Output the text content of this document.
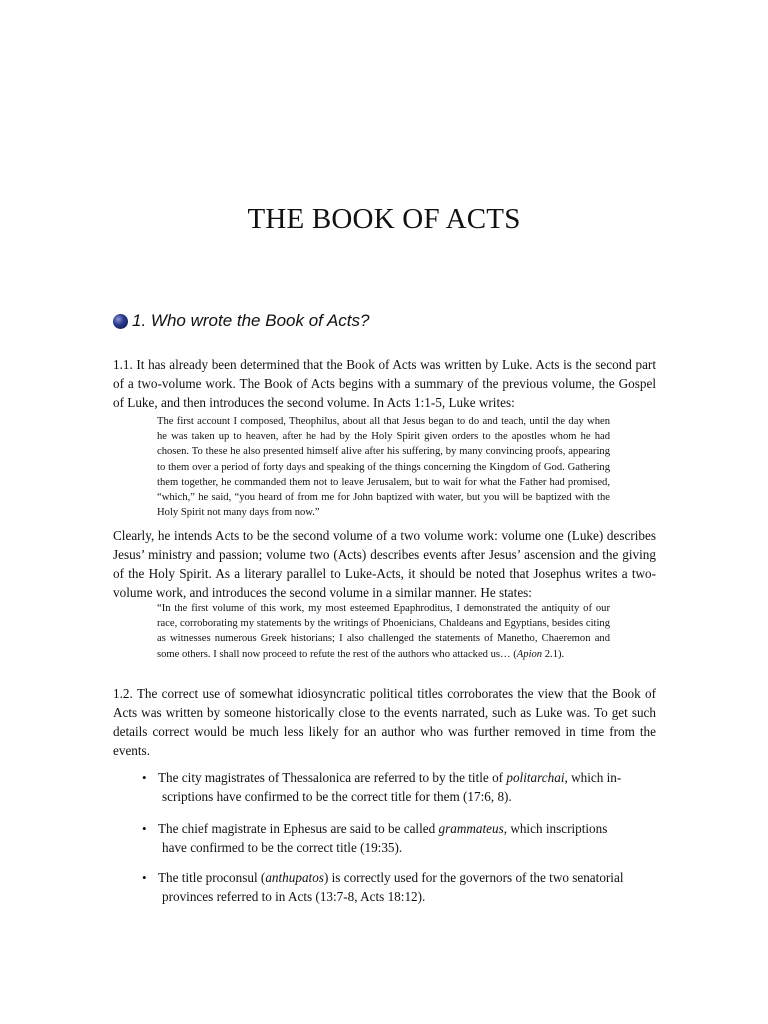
THE BOOK OF ACTS
1. Who wrote the Book of Acts?
1.1. It has already been determined that the Book of Acts was written by Luke. Acts is the second part of a two-volume work. The Book of Acts begins with a summary of the previous volume, the Gospel of Luke, and then introduces the second volume. In Acts 1:1-5, Luke writes:
The first account I composed, Theophilus, about all that Jesus began to do and teach, until the day when he was taken up to heaven, after he had by the Holy Spirit given orders to the apostles whom he had chosen. To these he also presented himself alive after his suffering, by many convincing proofs, appearing to them over a period of forty days and speaking of the things concerning the Kingdom of God. Gathering them together, he commanded them not to leave Jerusalem, but to wait for what the Father had promised, “which,” he said, “you heard of from me for John baptized with water, but you will be baptized with the Holy Spirit not many days from now.”
Clearly, he intends Acts to be the second volume of a two volume work: volume one (Luke) describes Jesus’ ministry and passion; volume two (Acts) describes events after Jesus’ ascension and the giving of the Holy Spirit. As a literary parallel to Luke-Acts, it should be noted that Josephus writes a two-volume work, and introduces the second volume in a similar manner. He states:
“In the first volume of this work, my most esteemed Epaphroditus, I demonstrated the antiquity of our race, corroborating my statements by the writings of Phoenicians, Chaldeans and Egyptians, besides citing as witnesses numerous Greek historians; I also challenged the statements of Manetho, Chaeremon and some others. I shall now proceed to refute the rest of the authors who attacked us… (Apion 2.1).
1.2. The correct use of somewhat idiosyncratic political titles corroborates the view that the Book of Acts was written by someone historically close to the events narrated, such as Luke was. To get such details correct would be much less likely for an author who was further removed in time from the events.
• The city magistrates of Thessalonica are referred to by the title of politarchai, which in-
scriptions have confirmed to be the correct title for them (17:6, 8).
• The chief magistrate in Ephesus are said to be called grammateus, which inscriptions
have confirmed to be the correct title (19:35).
• The title proconsul (anthupatos) is correctly used for the governors of the two senatorial
provinces referred to in Acts (13:7-8, Acts 18:12).
